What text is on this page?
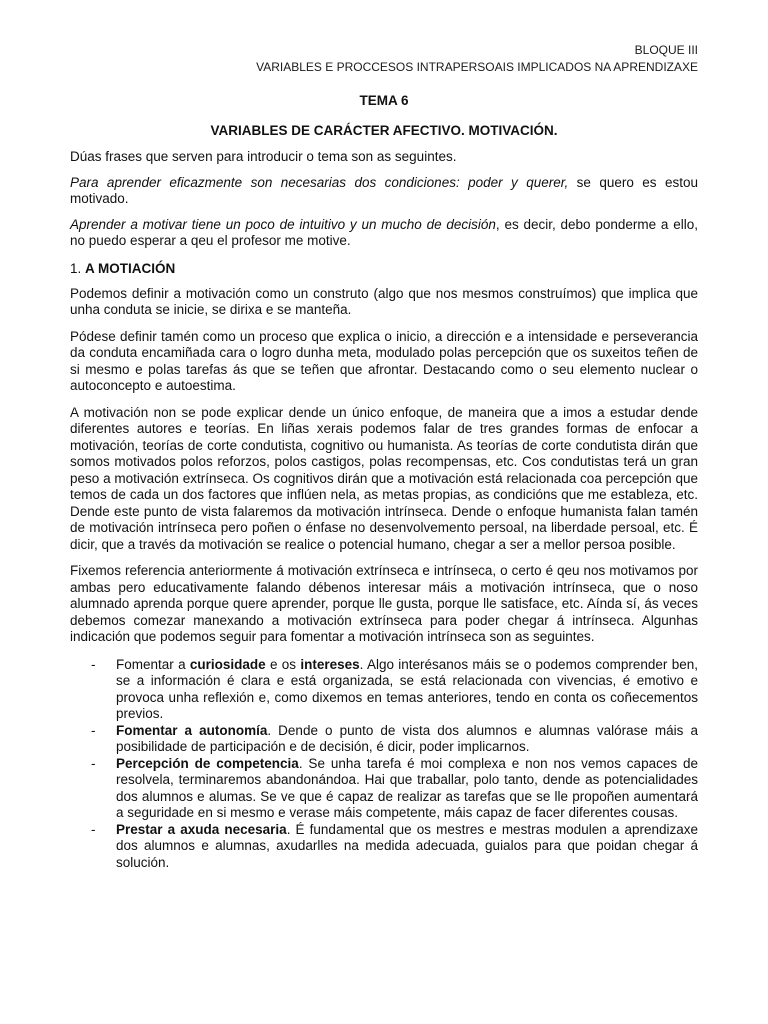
BLOQUE III
VARIABLES E PROCCESOS INTRAPERSOAIS IMPLICADOS NA APRENDIZAXE
TEMA 6
VARIABLES DE CARÁCTER AFECTIVO. MOTIVACIÓN.

Dúas frases que serven para introducir o tema son as seguintes.

Para aprender eficazmente son necesarias dos condiciones: poder y querer, se quero es estou motivado.

Aprender a motivar tiene un poco de intuitivo y un mucho de decisión, es decir, debo ponderme a ello, no puedo esperar a qeu el profesor me motive.

1. A MOTIACIÓN

Podemos definir a motivación como un construto (algo que nos mesmos construímos) que implica que unha conduta se inicie, se dirixa e se manteña.

Pódese definir tamén como un proceso que explica o inicio, a dirección e a intensidade e perseverancia da conduta encamiñada cara o logro dunha meta, modulado polas percepción que os suxeitos teñen de si mesmo e polas tarefas ás que se teñen que afrontar. Destacando como o seu elemento nuclear o autoconcepto e autoestima.

A motivación non se pode explicar dende un único enfoque, de maneira que a imos a estudar dende diferentes autores e teorías. En liñas xerais podemos falar de tres grandes formas de enfocar a motivación, teorías de corte condutista, cognitivo ou humanista. As teorías de corte condutista dirán que somos motivados polos reforzos, polos castigos, polas recompensas, etc. Cos condutistas terá un gran peso a motivación extrínseca. Os cognitivos dirán que a motivación está relacionada coa percepción que temos de cada un dos factores que inflúen nela, as metas propias, as condicións que me estableza, etc. Dende este punto de vista falaremos da motivación intrínseca. Dende o enfoque humanista falan tamén de motivación intrínseca pero poñen o énfase no desenvolvemento persoal, na liberdade persoal, etc. É dicir, que a través da motivación se realice o potencial humano, chegar a ser a mellor persoa posible.

Fixemos referencia anteriormente á motivación extrínseca e intrínseca, o certo é qeu nos motivamos por ambas pero educativamente falando débenos interesar máis a motivación intrínseca, que o noso alumnado aprenda porque quere aprender, porque lle gusta, porque lle satisface, etc. Aínda sí, ás veces debemos comezar manexando a motivación extrínseca para poder chegar á intrínseca. Algunhas indicación que podemos seguir para fomentar a motivación intrínseca son as seguintes.

- Fomentar a curiosidade e os intereses. Algo interésanos máis se o podemos comprender ben, se a información é clara e está organizada, se está relacionada con vivencias, é emotivo e provoca unha reflexión e, como dixemos en temas anteriores, tendo en conta os coñecementos previos.
- Fomentar a autonomía. Dende o punto de vista dos alumnos e alumnas valórase máis a posibilidade de participación e de decisión, é dicir, poder implicarnos.
- Percepción de competencia. Se unha tarefa é moi complexa e non nos vemos capaces de resolvela, terminaremos abandonándoa. Hai que traballar, polo tanto, dende as potencialidades dos alumnos e alumas. Se ve que é capaz de realizar as tarefas que se lle propoñen aumentará a seguridade en si mesmo e verase máis competente, máis capaz de facer diferentes cousas.
- Prestar a axuda necesaria. É fundamental que os mestres e mestras modulen a aprendizaxe dos alumnos e alumnas, axudarlles na medida adecuada, guialos para que poidan chegar á solución.
